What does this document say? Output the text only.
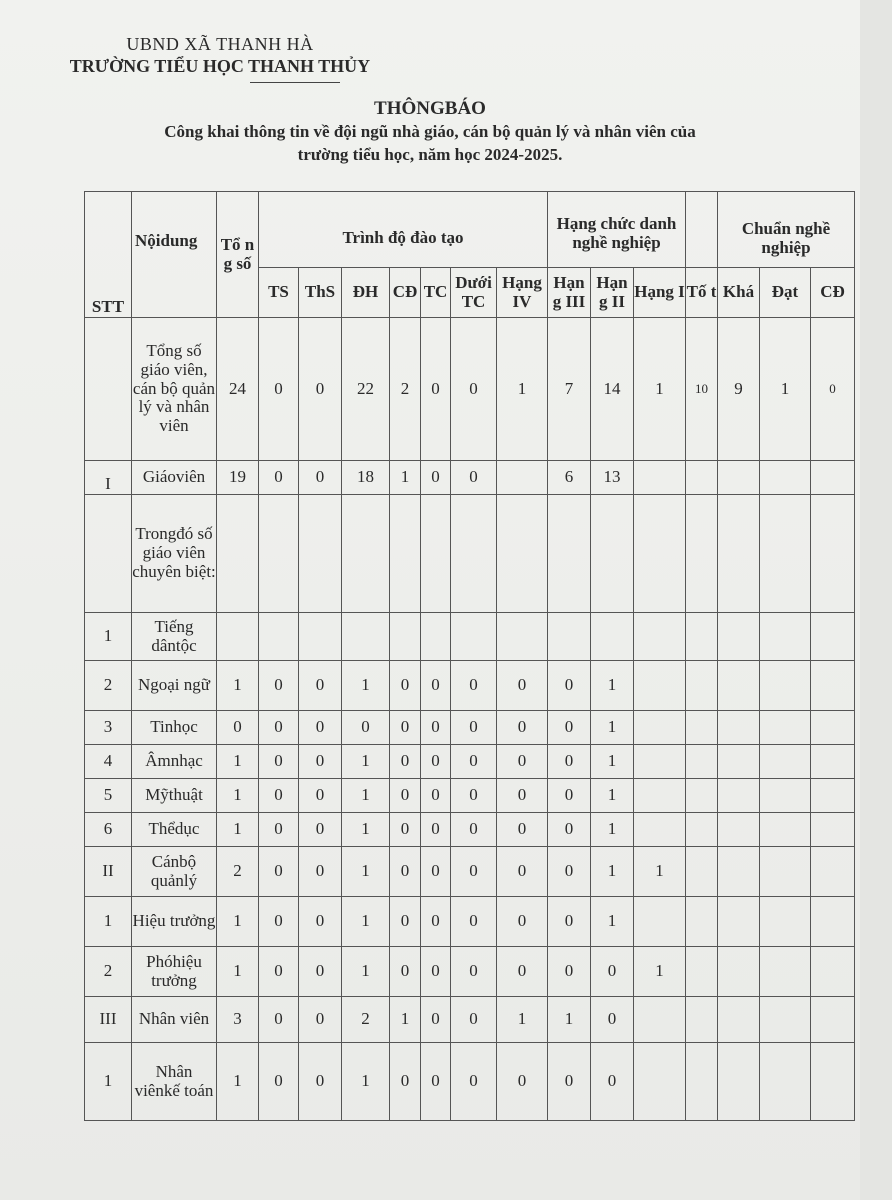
UBND XÃ THANH HÀ
TRƯỜNG TIỂU HỌC THANH THỦY
THÔNGBÁO
Công khai thông tin về đội ngũ nhà giáo, cán bộ quản lý và nhân viên của
trường tiểu học, năm học 2024-2025.
STT	Nộidung	Tổ n g số	Trình độ đào tạo							Hạng chức danh nghề nghiệp				Chuẩn nghề nghiệp		
			TS	ThS	ĐH	CĐ	TC	Dưới TC	Hạng IV	Hạn g III	Hạn g II	Hạng I	Tố t	Khá	Đạt	CĐ
	Tổng số giáo viên, cán bộ quản lý và nhân viên	24	0	0	22	2	0	0	1	7	14	1	10	9	1	0
I	Giáoviên	19	0	0	18	1	0	0		6	13					
	Trongđó số giáo viên chuyên biệt:															
1	Tiếng dântộc															
2	Ngoại ngữ	1	0	0	1	0	0	0	0	0	1					
3	Tinhọc	0	0	0	0	0	0	0	0	0	1					
4	Âmnhạc	1	0	0	1	0	0	0	0	0	1					
5	Mỹthuật	1	0	0	1	0	0	0	0	0	1					
6	Thểdục	1	0	0	1	0	0	0	0	0	1					
II	Cánbộ quảnlý	2	0	0	1	0	0	0	0	0	1	1				
1	Hiệu trưởng	1	0	0	1	0	0	0	0	0	1					
2	Phóhiệu trưởng	1	0	0	1	0	0	0	0	0	0	1				
III	Nhân viên	3	0	0	2	1	0	0	1	1	0					
1	Nhân viênkế toán	1	0	0	1	0	0	0	0	0	0					
